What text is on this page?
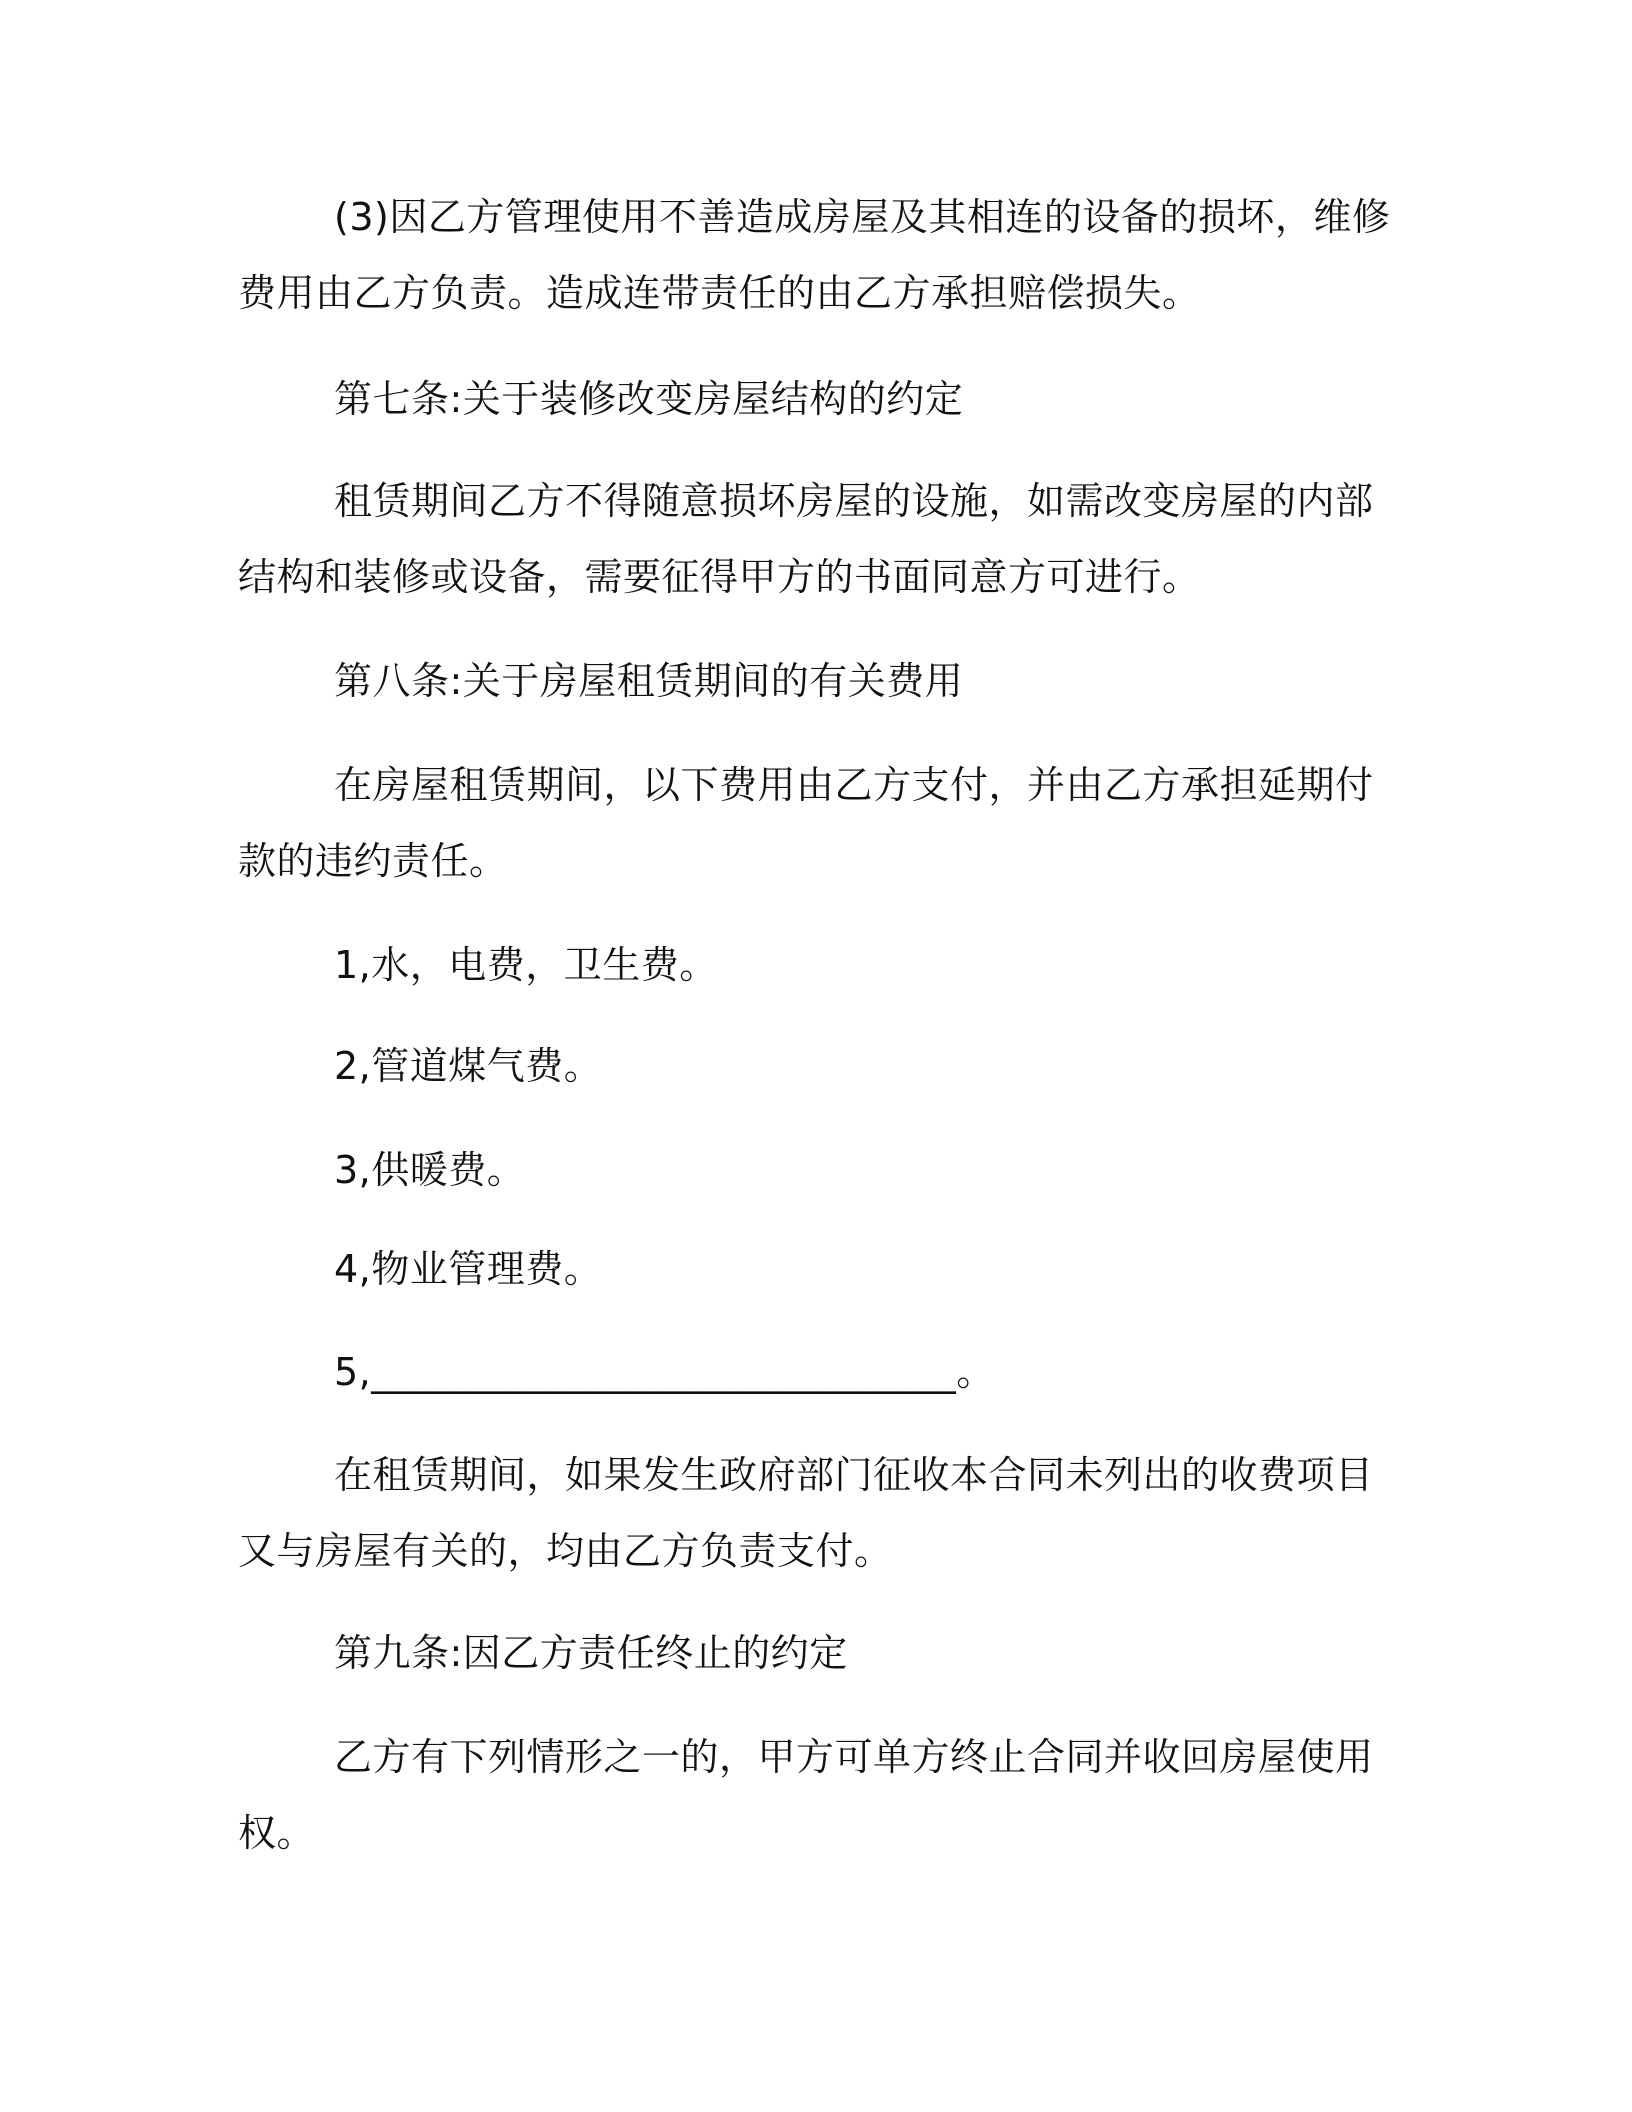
(3)因乙方管理使用不善造成房屋及其相连的设备的损坏，维修费用由乙方负责。造成连带责任的由乙方承担赔偿损失。

第七条:关于装修改变房屋结构的约定

租赁期间乙方不得随意损坏房屋的设施，如需改变房屋的内部结构和装修或设备，需要征得甲方的书面同意方可进行。

第八条:关于房屋租赁期间的有关费用

在房屋租赁期间，以下费用由乙方支付，并由乙方承担延期付款的违约责任。

1,水，电费，卫生费。

2,管道煤气费。

3,供暖费。

4,物业管理费。

5,______________________________。

在租赁期间，如果发生政府部门征收本合同未列出的收费项目又与房屋有关的，均由乙方负责支付。

第九条:因乙方责任终止的约定

乙方有下列情形之一的，甲方可单方终止合同并收回房屋使用权。
